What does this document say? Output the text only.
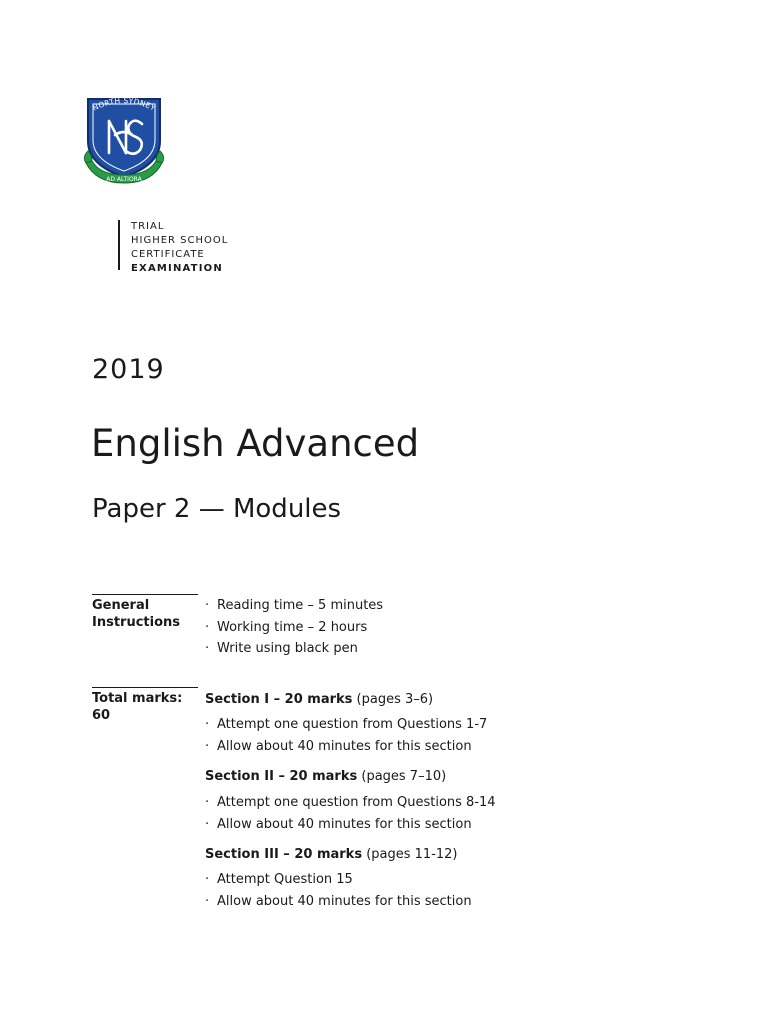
NORTH SYDNEY
AD ALTIORA
TRIAL
HIGHER SCHOOL
CERTIFICATE
EXAMINATION
2019
English Advanced
Paper 2 — Modules
General Instructions
· Reading time – 5 minutes
· Working time – 2 hours
· Write using black pen
Total marks:
60
Section I – 20 marks (pages 3–6)
· Attempt one question from Questions 1-7
· Allow about 40 minutes for this section
Section II – 20 marks (pages 7–10)
· Attempt one question from Questions 8-14
· Allow about 40 minutes for this section
Section III – 20 marks (pages 11-12)
· Attempt Question 15
· Allow about 40 minutes for this section
